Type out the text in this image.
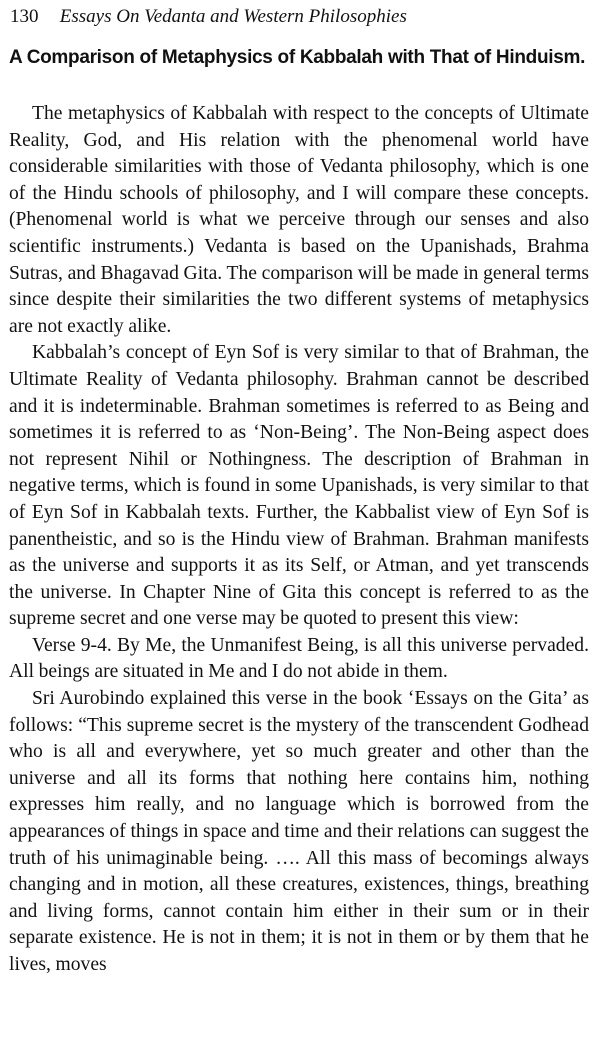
130 Essays On Vedanta and Western Philosophies
A Comparison of Metaphysics of Kabbalah with That of Hinduism.

The metaphysics of Kabbalah with respect to the concepts of Ultimate Reality, God, and His relation with the phenomenal world have considerable similarities with those of Vedanta philosophy, which is one of the Hindu schools of philosophy, and I will compare these concepts. (Phenomenal world is what we perceive through our senses and also scientific instruments.) Vedanta is based on the Upanishads, Brahma Sutras, and Bhagavad Gita. The comparison will be made in general terms since despite their similarities the two different systems of metaphysics are not exactly alike.

Kabbalah’s concept of Eyn Sof is very similar to that of Brahman, the Ultimate Reality of Vedanta philosophy. Brahman cannot be described and it is indeterminable. Brahman sometimes is referred to as Being and sometimes it is referred to as ‘Non-Being’. The Non-Being aspect does not represent Nihil or Nothingness. The description of Brahman in negative terms, which is found in some Upanishads, is very similar to that of Eyn Sof in Kabbalah texts. Further, the Kabbalist view of Eyn Sof is panentheistic, and so is the Hindu view of Brahman. Brahman manifests as the universe and supports it as its Self, or Atman, and yet transcends the universe. In Chapter Nine of Gita this concept is referred to as the supreme secret and one verse may be quoted to present this view:

Verse 9-4. By Me, the Unmanifest Being, is all this universe pervaded. All beings are situated in Me and I do not abide in them.

Sri Aurobindo explained this verse in the book ‘Essays on the Gita’ as follows: “This supreme secret is the mystery of the transcendent Godhead who is all and everywhere, yet so much greater and other than the universe and all its forms that nothing here contains him, nothing expresses him really, and no language which is borrowed from the appearances of things in space and time and their relations can suggest the truth of his unimaginable being. …. All this mass of becomings always changing and in motion, all these creatures, existences, things, breathing and living forms, cannot contain him either in their sum or in their separate existence. He is not in them; it is not in them or by them that he lives, moves
